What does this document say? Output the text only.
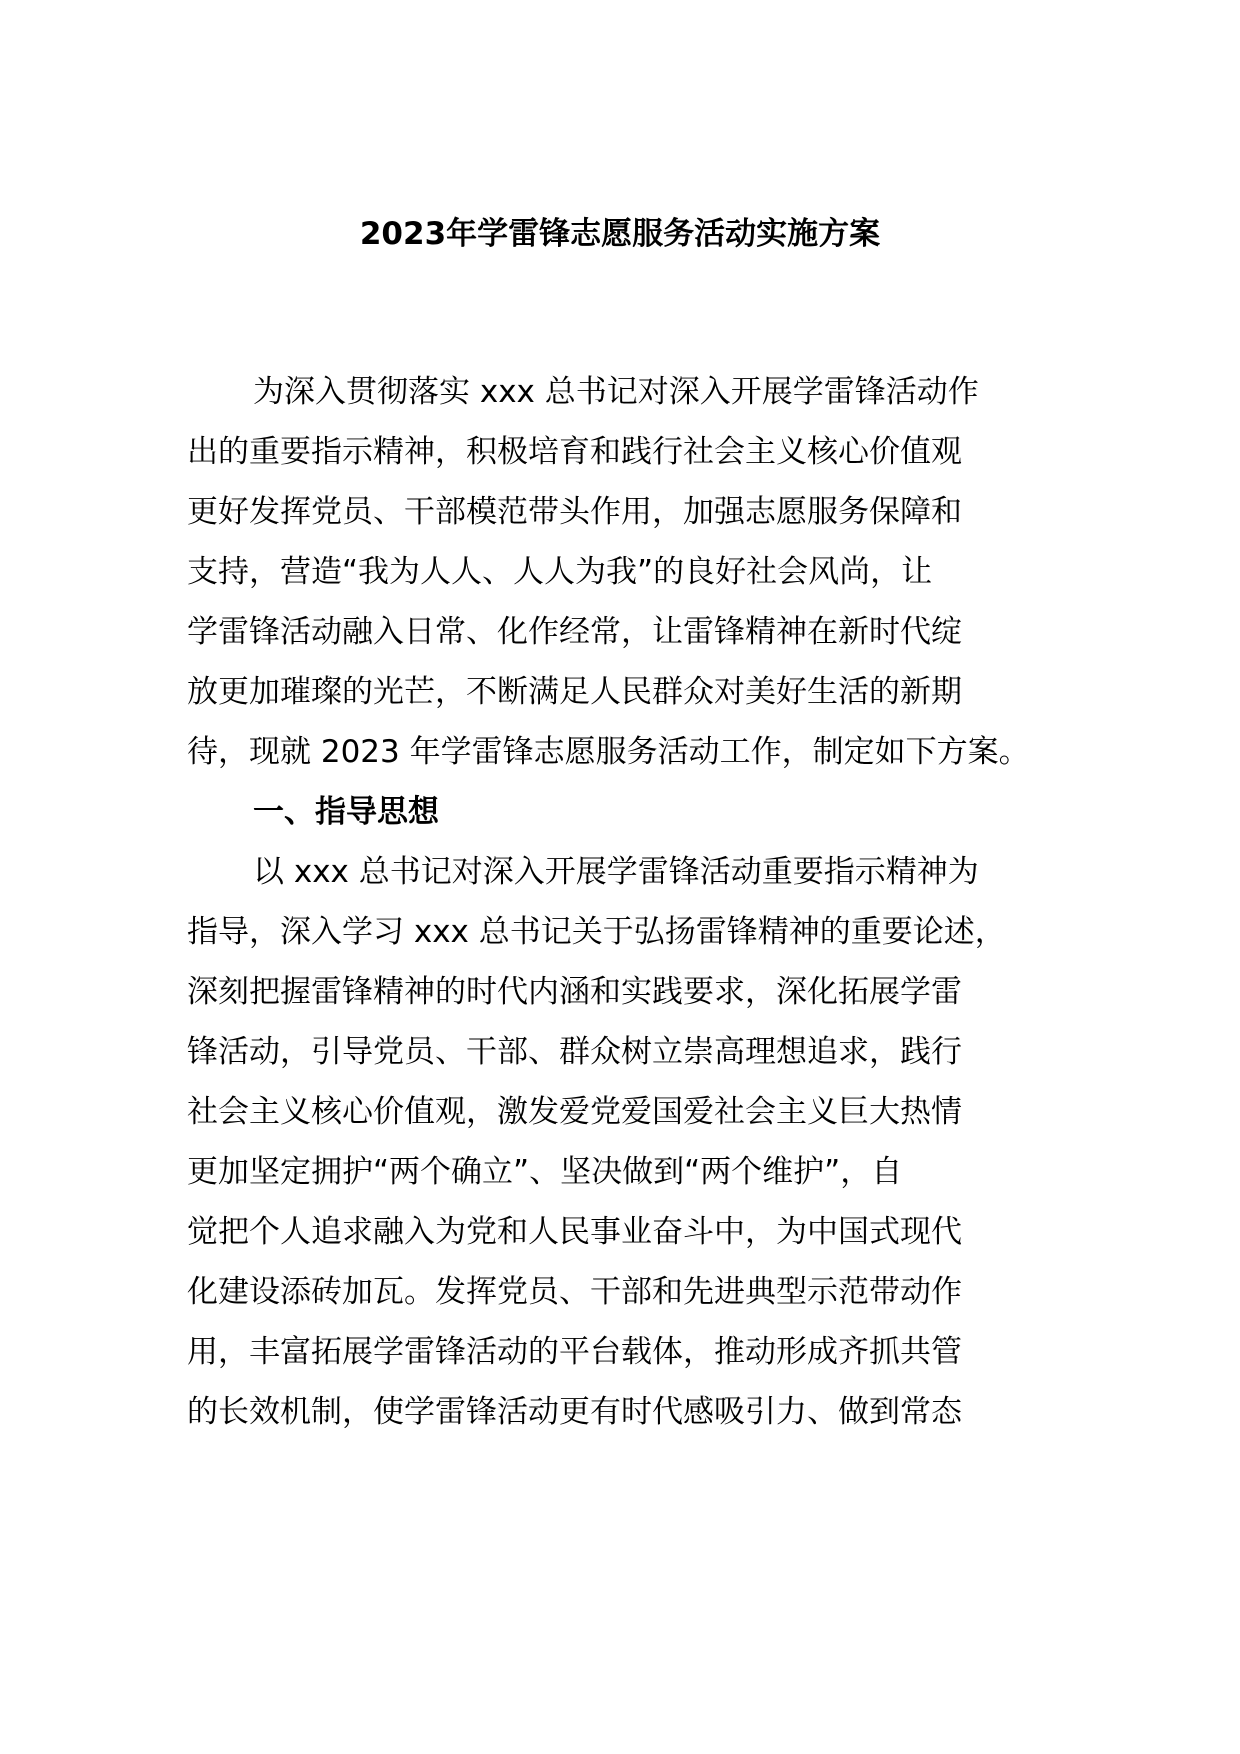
2023年学雷锋志愿服务活动实施方案
为深入贯彻落实 xxx 总书记对深入开展学雷锋活动作
出的重要指示精神，积极培育和践行社会主义核心价值观
更好发挥党员、干部模范带头作用，加强志愿服务保障和
支持，营造“我为人人、人人为我”的良好社会风尚，让
学雷锋活动融入日常、化作经常，让雷锋精神在新时代绽
放更加璀璨的光芒，不断满足人民群众对美好生活的新期
待，现就 2023 年学雷锋志愿服务活动工作，制定如下方案。
一、指导思想
以 xxx 总书记对深入开展学雷锋活动重要指示精神为
指导，深入学习 xxx 总书记关于弘扬雷锋精神的重要论述，
深刻把握雷锋精神的时代内涵和实践要求，深化拓展学雷
锋活动，引导党员、干部、群众树立崇高理想追求，践行
社会主义核心价值观，激发爱党爱国爱社会主义巨大热情
更加坚定拥护“两个确立”、坚决做到“两个维护”，自
觉把个人追求融入为党和人民事业奋斗中，为中国式现代
化建设添砖加瓦。发挥党员、干部和先进典型示范带动作
用，丰富拓展学雷锋活动的平台载体，推动形成齐抓共管
的长效机制，使学雷锋活动更有时代感吸引力、做到常态
